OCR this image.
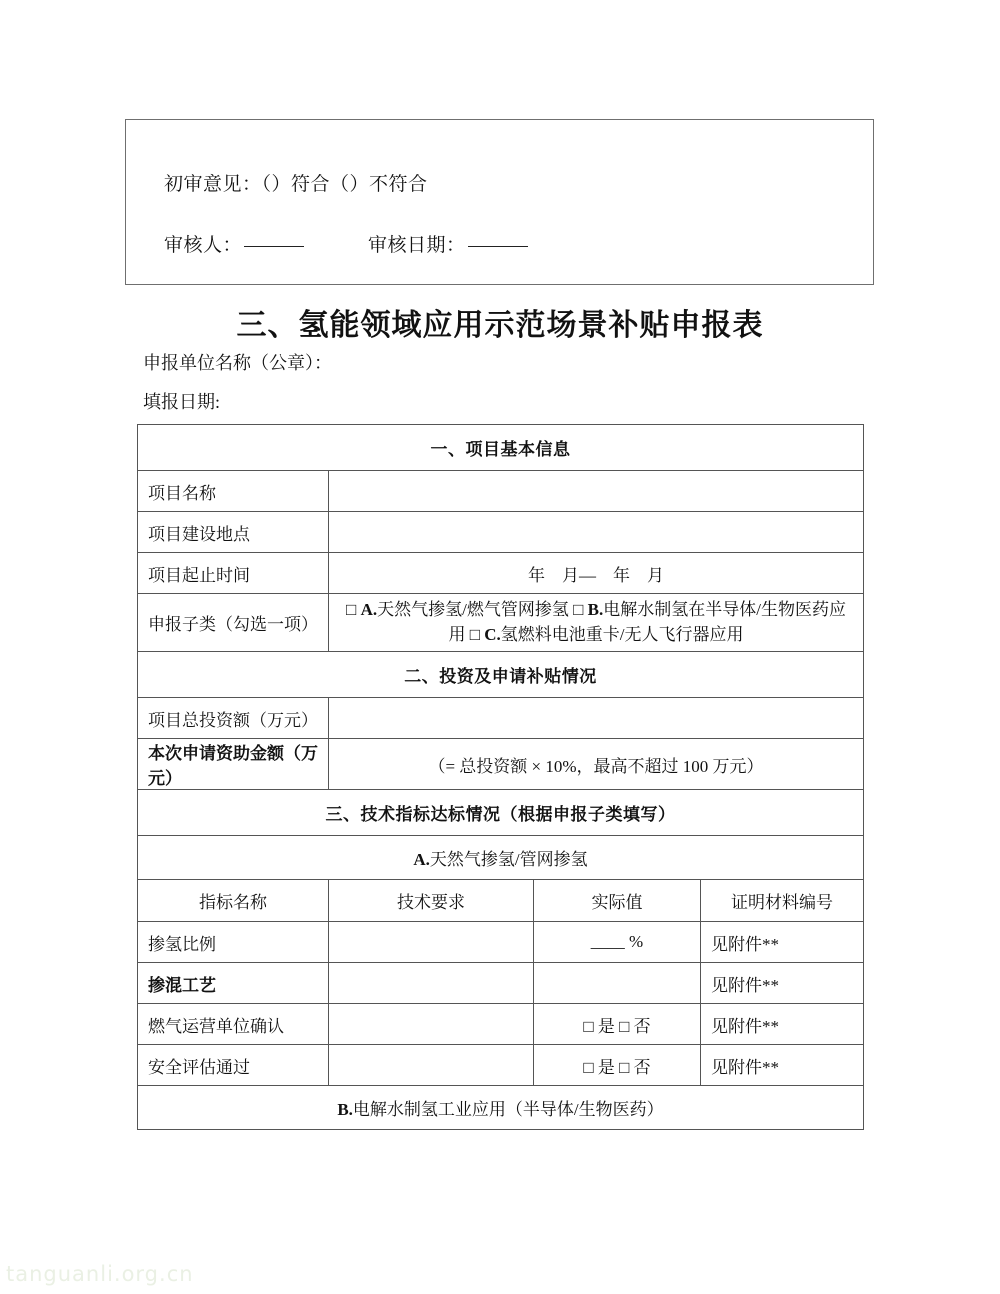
初审意见：（）符合（）不符合
审核人：	审核日期：
三、氢能领域应用示范场景补贴申报表
申报单位名称（公章）：
填报日期:
一、项目基本信息			
项目名称			
项目建设地点			
项目起止时间	年　月—　年　月		
申报子类（勾选一项）	□ A.天然气掺氢/燃气管网掺氢 □ B.电解水制氢在半导体/生物医药应用 □ C.氢燃料电池重卡/无人飞行器应用		
二、投资及申请补贴情况			
项目总投资额（万元）			
本次申请资助金额（万元）	（= 总投资额 × 10%，最高不超过 100 万元）		
三、技术指标达标情况（根据申报子类填写）			
A.天然气掺氢/管网掺氢			
指标名称	技术要求	实际值	证明材料编号
掺氢比例		____ %	见附件**
掺混工艺			见附件**
燃气运营单位确认		□ 是 □ 否	见附件**
安全评估通过		□ 是 □ 否	见附件**
B.电解水制氢工业应用（半导体/生物医药）			
tanguanli.org.cn
